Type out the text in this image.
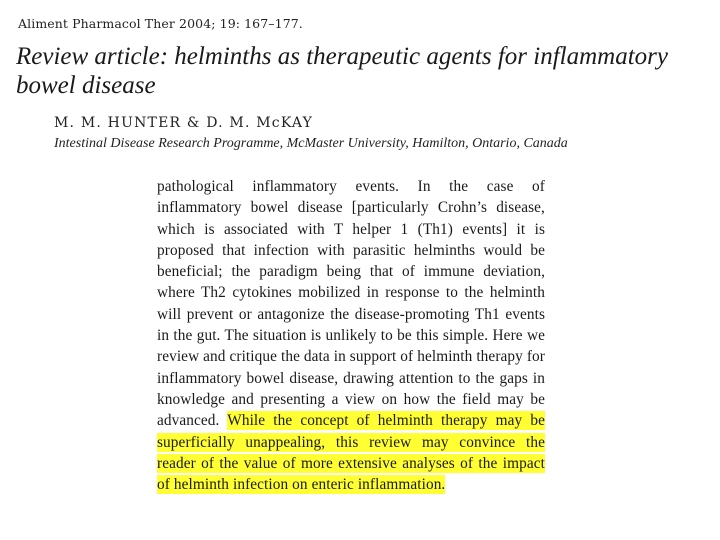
Aliment Pharmacol Ther 2004; 19: 167–177.
Review article: helminths as therapeutic agents for inflammatory bowel disease
M. M. HUNTER & D. M. McKAY
Intestinal Disease Research Programme, McMaster University, Hamilton, Ontario, Canada

pathological inflammatory events. In the case of inflammatory bowel disease [particularly Crohn’s disease, which is associated with T helper 1 (Th1) events] it is proposed that infection with parasitic helminths would be beneficial; the paradigm being that of immune deviation, where Th2 cytokines mobilized in response to the helminth will prevent or antagonize the disease-promoting Th1 events in the gut. The situation is unlikely to be this simple. Here we review and critique the data in support of helminth therapy for inflammatory bowel disease, drawing attention to the gaps in knowledge and presenting a view on how the field may be advanced. While the concept of helminth therapy may be superficially unappealing, this review may convince the reader of the value of more extensive analyses of the impact of helminth infection on enteric inflammation.
